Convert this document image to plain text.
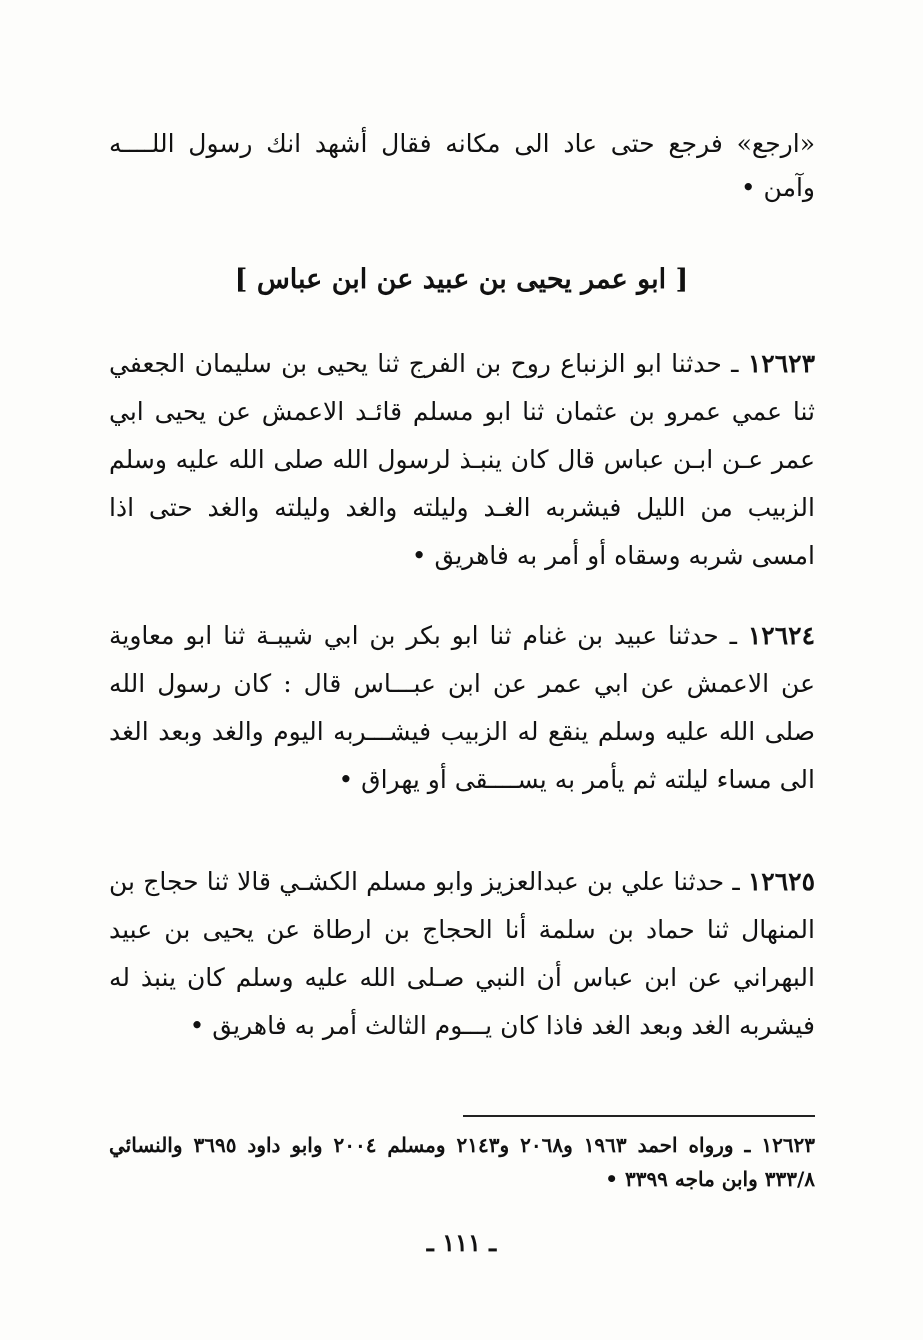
«ارجع» فرجع حتى عاد الى مكانه فقال أشهد انك رسول اللــــه وآمن •

[ ابو عمر يحيى بن عبيد عن ابن عباس ]

١٢٦٢٣ ـ حدثنا ابو الزنباع روح بن الفرج ثنا يحيى بن سليمان الجعفي ثنا عمي عمرو بن عثمان ثنا ابو مسلم قائـد الاعمش عن يحيى ابي عمر عـن ابـن عباس قال كان ينبـذ لرسول الله صلى الله عليه وسلم الزبيب من الليل فيشربه الغـد وليلته والغد وليلته والغد حتى اذا امسى شربه وسقاه أو أمر به فاهريق •

١٢٦٢٤ ـ حدثنا عبيد بن غنام ثنا ابو بكر بن ابي شيبـة ثنا ابو معاوية عن الاعمش عن ابي عمر عن ابن عبـــاس قال : كان رسول الله صلى الله عليه وسلم ينقع له الزبيب فيشـــربه اليوم والغد وبعد الغد الى مساء ليلته ثم يأمر به يســــقى أو يهراق •

١٢٦٢٥ ـ حدثنا علي بن عبدالعزيز وابو مسلم الكشـي قالا ثنا حجاج بن المنهال ثنا حماد بن سلمة أنا الحجاج بن ارطاة عن يحيى بن عبيد البهراني عن ابن عباس أن النبي صـلى الله عليه وسلم كان ينبذ له فيشربه الغد وبعد الغد فاذا كان يـــوم الثالث أمر به فاهريق •

١٢٦٢٣ ـ ورواه احمد ١٩٦٣ و٢٠٦٨ و٢١٤٣ ومسلم ٢٠٠٤ وابو داود ٣٦٩٥ والنسائي ٣٣٣/٨ وابن ماجه ٣٣٩٩ •

ـ ١١١ ـ
